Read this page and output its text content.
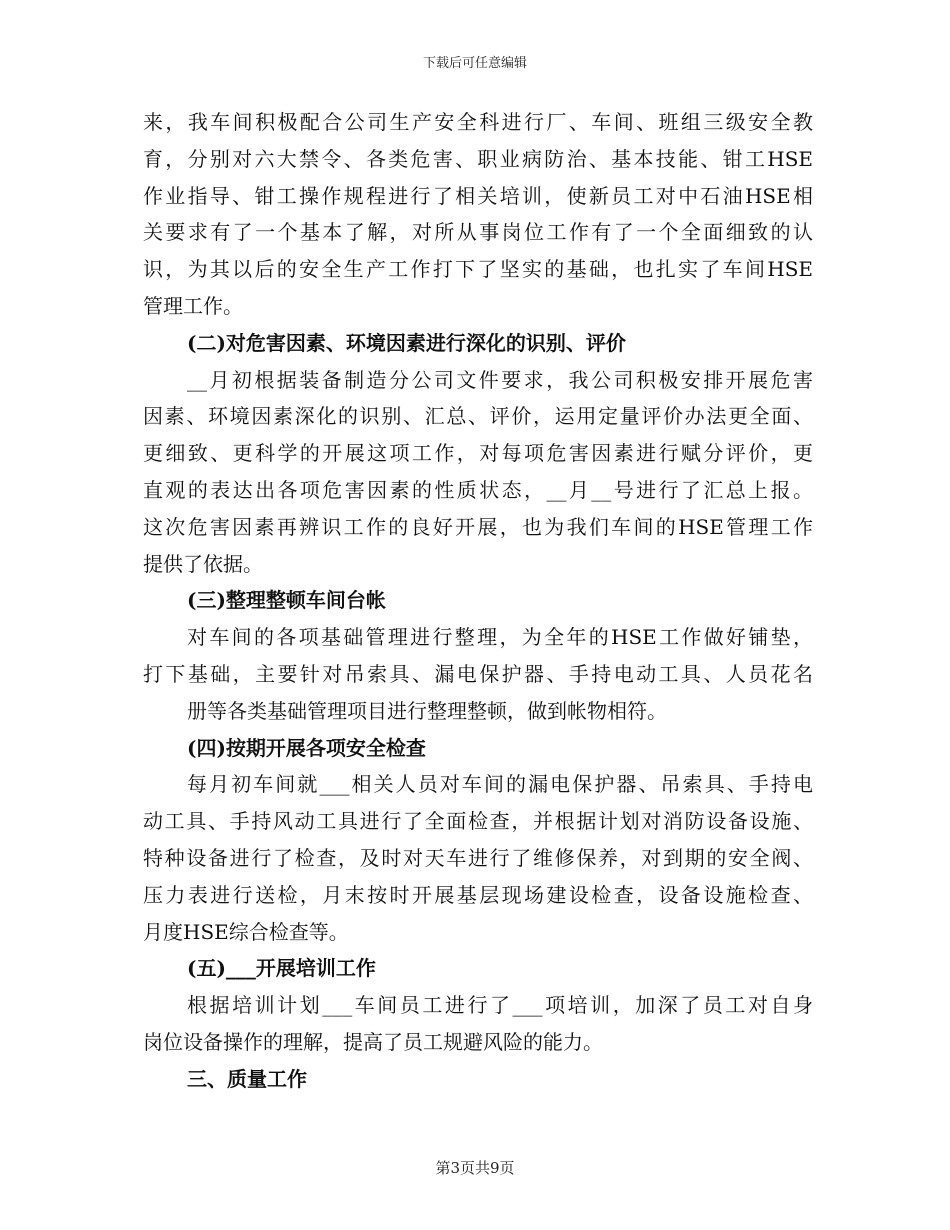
下载后可任意编辑
来，我车间积极配合公司生产安全科进行厂、车间、班组三级安全教
育，分别对六大禁令、各类危害、职业病防治、基本技能、钳工HSE
作业指导、钳工操作规程进行了相关培训，使新员工对中石油HSE相
关要求有了一个基本了解，对所从事岗位工作有了一个全面细致的认
识，为其以后的安全生产工作打下了坚实的基础，也扎实了车间HSE
管理工作。
(二)对危害因素、环境因素进行深化的识别、评价
__月初根据装备制造分公司文件要求，我公司积极安排开展危害
因素、环境因素深化的识别、汇总、评价，运用定量评价办法更全面、
更细致、更科学的开展这项工作，对每项危害因素进行赋分评价，更
直观的表达出各项危害因素的性质状态，__月__号进行了汇总上报。
这次危害因素再辨识工作的良好开展，也为我们车间的HSE管理工作
提供了依据。
(三)整理整顿车间台帐
对车间的各项基础管理进行整理，为全年的HSE工作做好铺垫，
打下基础，主要针对吊索具、漏电保护器、手持电动工具、人员花名
册等各类基础管理项目进行整理整顿，做到帐物相符。
(四)按期开展各项安全检查
每月初车间就___相关人员对车间的漏电保护器、吊索具、手持电
动工具、手持风动工具进行了全面检查，并根据计划对消防设备设施、
特种设备进行了检查，及时对天车进行了维修保养，对到期的安全阀、
压力表进行送检，月末按时开展基层现场建设检查，设备设施检查、
月度HSE综合检查等。
(五)___开展培训工作
根据培训计划___车间员工进行了___项培训，加深了员工对自身
岗位设备操作的理解，提高了员工规避风险的能力。
三、质量工作
第3页共9页
